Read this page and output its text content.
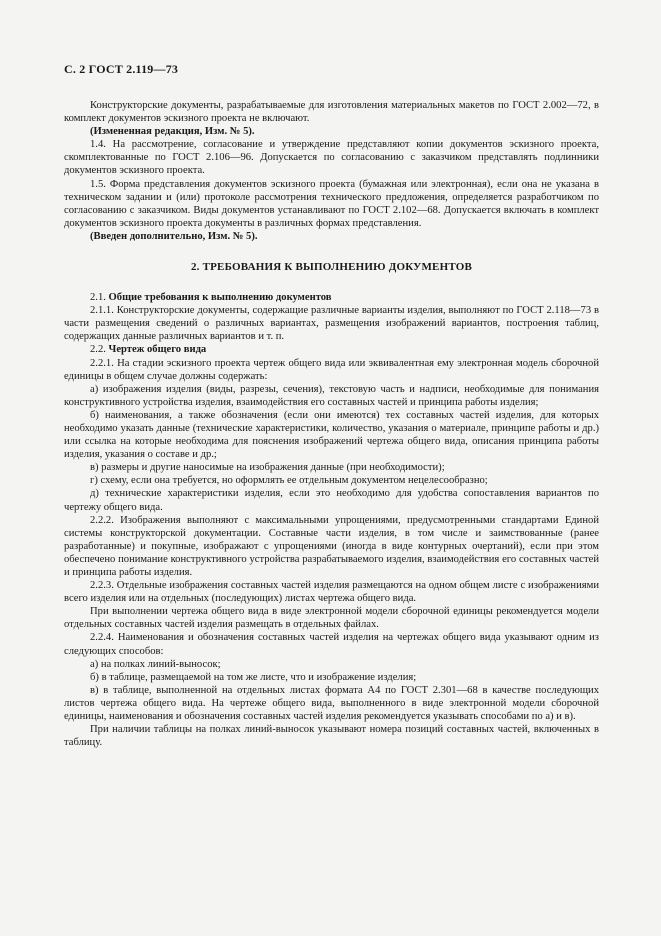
С. 2 ГОСТ 2.119—73

Конструкторские документы, разрабатываемые для изготовления материальных макетов по ГОСТ 2.002—72, в комплект документов эскизного проекта не включают.

(Измененная редакция, Изм. № 5).

1.4. На рассмотрение, согласование и утверждение представляют копии документов эскизного проекта, скомплектованные по ГОСТ 2.106—96. Допускается по согласованию с заказчиком представлять подлинники документов эскизного проекта.

1.5. Форма представления документов эскизного проекта (бумажная или электронная), если она не указана в техническом задании и (или) протоколе рассмотрения технического предложения, определяется разработчиком по согласованию с заказчиком. Виды документов устанавливают по ГОСТ 2.102—68. Допускается включать в комплект документов эскизного проекта документы в различных формах представления.

(Введен дополнительно, Изм. № 5).

2. ТРЕБОВАНИЯ К ВЫПОЛНЕНИЮ ДОКУМЕНТОВ

2.1. Общие требования к выполнению документов

2.1.1. Конструкторские документы, содержащие различные варианты изделия, выполняют по ГОСТ 2.118—73 в части размещения сведений о различных вариантах, размещения изображений вариантов, построения таблиц, содержащих данные различных вариантов и т. п.

2.2. Чертеж общего вида

2.2.1. На стадии эскизного проекта чертеж общего вида или эквивалентная ему электронная модель сборочной единицы в общем случае должны содержать:

а) изображения изделия (виды, разрезы, сечения), текстовую часть и надписи, необходимые для понимания конструктивного устройства изделия, взаимодействия его составных частей и принципа работы изделия;

б) наименования, а также обозначения (если они имеются) тех составных частей изделия, для которых необходимо указать данные (технические характеристики, количество, указания о материале, принципе работы и др.) или ссылка на которые необходима для пояснения изображений чертежа общего вида, описания принципа работы изделия, указания о составе и др.;

в) размеры и другие наносимые на изображения данные (при необходимости);

г) схему, если она требуется, но оформлять ее отдельным документом нецелесообразно;

д) технические характеристики изделия, если это необходимо для удобства сопоставления вариантов по чертежу общего вида.

2.2.2. Изображения выполняют с максимальными упрощениями, предусмотренными стандартами Единой системы конструкторской документации. Составные части изделия, в том числе и заимствованные (ранее разработанные) и покупные, изображают с упрощениями (иногда в виде контурных очертаний), если при этом обеспечено понимание конструктивного устройства разрабатываемого изделия, взаимодействия его составных частей и принципа работы изделия.

2.2.3. Отдельные изображения составных частей изделия размещаются на одном общем листе с изображениями всего изделия или на отдельных (последующих) листах чертежа общего вида.

При выполнении чертежа общего вида в виде электронной модели сборочной единицы рекомендуется модели отдельных составных частей изделия размещать в отдельных файлах.

2.2.4. Наименования и обозначения составных частей изделия на чертежах общего вида указывают одним из следующих способов:

а) на полках линий-выносок;

б) в таблице, размещаемой на том же листе, что и изображение изделия;

в) в таблице, выполненной на отдельных листах формата А4 по ГОСТ 2.301—68 в качестве последующих листов чертежа общего вида. На чертеже общего вида, выполненного в виде электронной модели сборочной единицы, наименования и обозначения составных частей изделия рекомендуется указывать способами по а) и в).

При наличии таблицы на полках линий-выносок указывают номера позиций составных частей, включенных в таблицу.
